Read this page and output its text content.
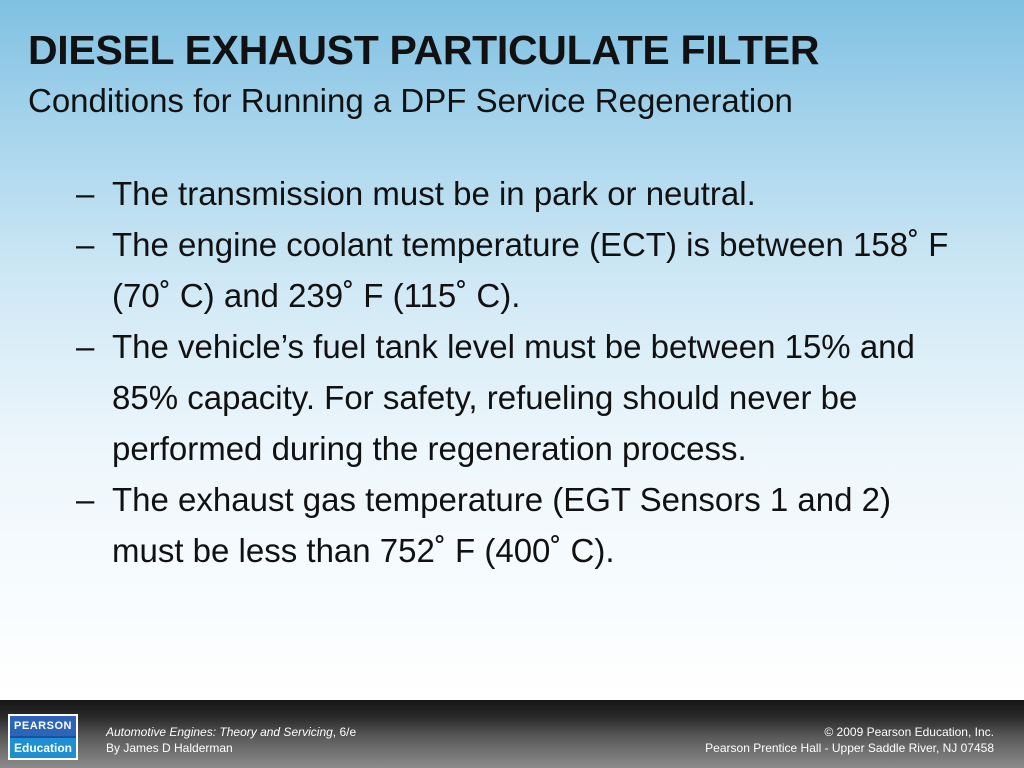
DIESEL EXHAUST PARTICULATE FILTER
Conditions for Running a DPF Service Regeneration
– The transmission must be in park or neutral.
– The engine coolant temperature (ECT) is between 158˚ F (70˚ C) and 239˚ F (115˚ C).
– The vehicle’s fuel tank level must be between 15% and 85% capacity. For safety, refueling should never be performed during the regeneration process.
– The exhaust gas temperature (EGT Sensors 1 and 2) must be less than 752˚ F (400˚ C).
PEARSON
Education
Automotive Engines: Theory and Servicing, 6/e
By James D Halderman
© 2009 Pearson Education, Inc.
Pearson Prentice Hall - Upper Saddle River, NJ 07458
